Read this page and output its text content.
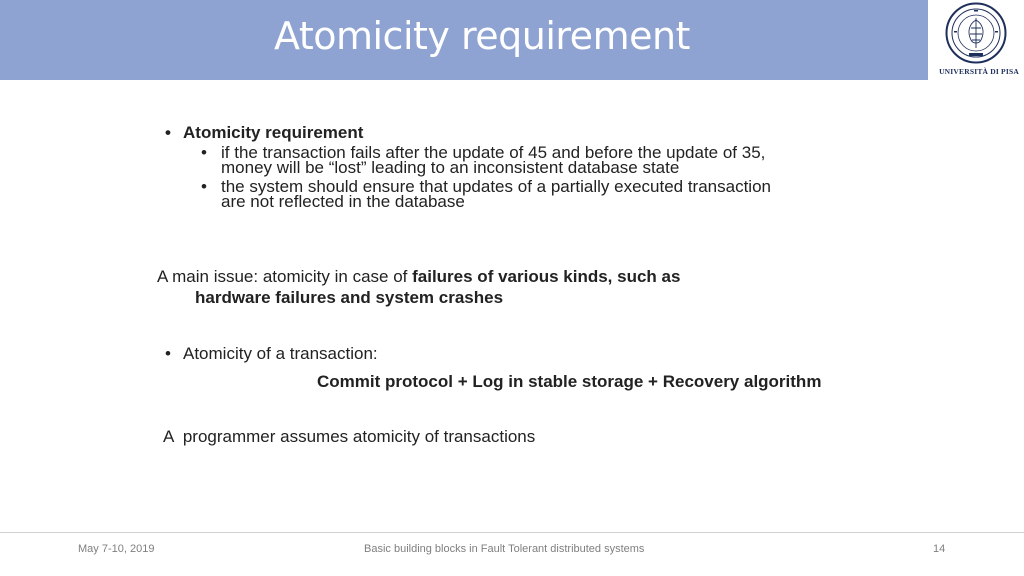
Atomicity requirement
UNIVERSITÀ DI PISA
• Atomicity requirement
• if the transaction fails after the update of 45 and before the update of 35,
money will be “lost” leading to an inconsistent database state
• the system should ensure that updates of a partially executed transaction
are not reflected in the database
A main issue: atomicity in case of failures of various kinds, such as
hardware failures and system crashes
• Atomicity of a transaction:
Commit protocol + Log in stable storage + Recovery algorithm
A  programmer assumes atomicity of transactions
May 7-10, 2019	Basic building blocks in Fault Tolerant distributed systems	14
